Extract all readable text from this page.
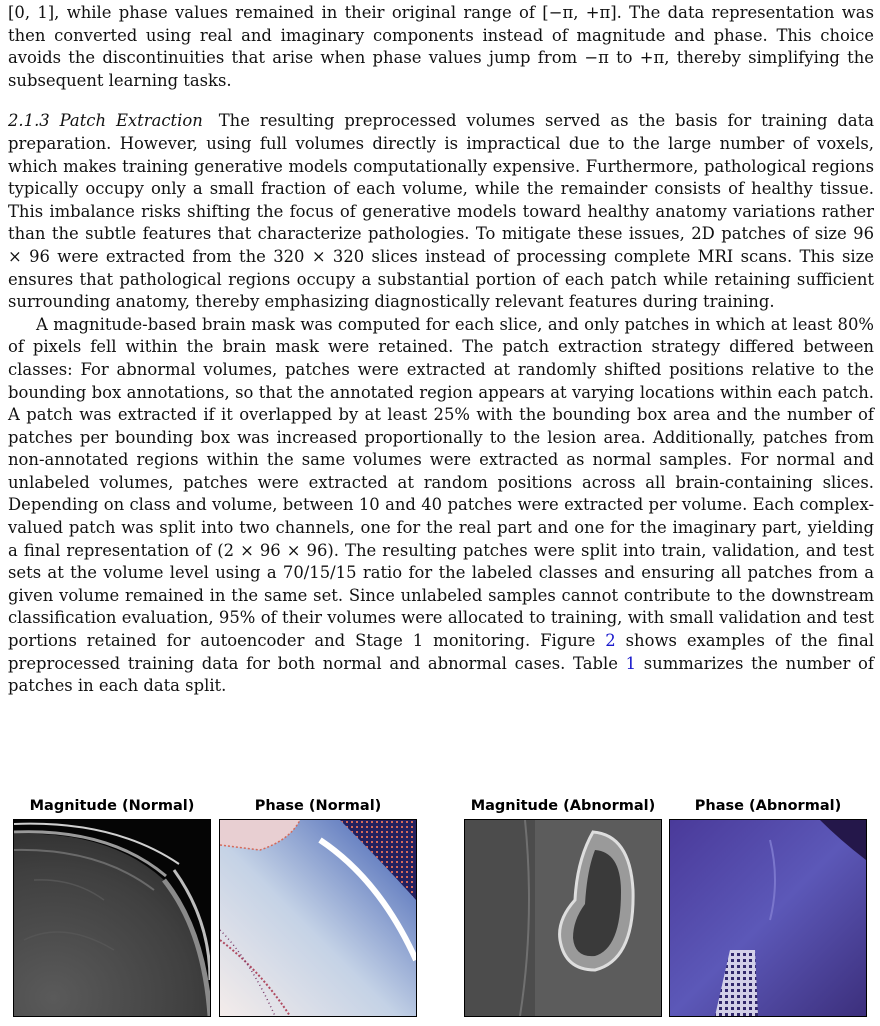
[0, 1], while phase values remained in their original range of [−π, +π]. The data representation was then converted using real and imaginary components instead of magnitude and phase. This choice avoids the discontinuities that arise when phase values jump from −π to +π, thereby simplifying the subsequent learning tasks.

2.1.3 Patch Extraction The resulting preprocessed volumes served as the basis for training data preparation. However, using full volumes directly is impractical due to the large number of voxels, which makes training generative models computationally expensive. Furthermore, pathological regions typically occupy only a small fraction of each volume, while the remainder consists of healthy tissue. This imbalance risks shifting the focus of generative models toward healthy anatomy variations rather than the subtle features that characterize pathologies. To mitigate these issues, 2D patches of size 96 × 96 were extracted from the 320 × 320 slices instead of processing complete MRI scans. This size ensures that pathological regions occupy a substantial portion of each patch while retaining sufficient surrounding anatomy, thereby emphasizing diagnostically relevant features during training.

A magnitude-based brain mask was computed for each slice, and only patches in which at least 80% of pixels fell within the brain mask were retained. The patch extraction strategy differed between classes: For abnormal volumes, patches were extracted at randomly shifted positions relative to the bounding box annotations, so that the annotated region appears at varying locations within each patch. A patch was extracted if it overlapped by at least 25% with the bounding box area and the number of patches per bounding box was increased proportionally to the lesion area. Additionally, patches from non-annotated regions within the same volumes were extracted as normal samples. For normal and unlabeled volumes, patches were extracted at random positions across all brain-containing slices. Depending on class and volume, between 10 and 40 patches were extracted per volume. Each complex-valued patch was split into two channels, one for the real part and one for the imaginary part, yielding a final representation of (2 × 96 × 96). The resulting patches were split into train, validation, and test sets at the volume level using a 70/15/15 ratio for the labeled classes and ensuring all patches from a given volume remained in the same set. Since unlabeled samples cannot contribute to the downstream classification evaluation, 95% of their volumes were allocated to training, with small validation and test portions retained for autoencoder and Stage 1 monitoring. Figure 2 shows examples of the final preprocessed training data for both normal and abnormal cases. Table 1 summarizes the number of patches in each data split.

Magnitude (Normal)	Phase (Normal)	Magnitude (Abnormal)	Phase (Abnormal)
